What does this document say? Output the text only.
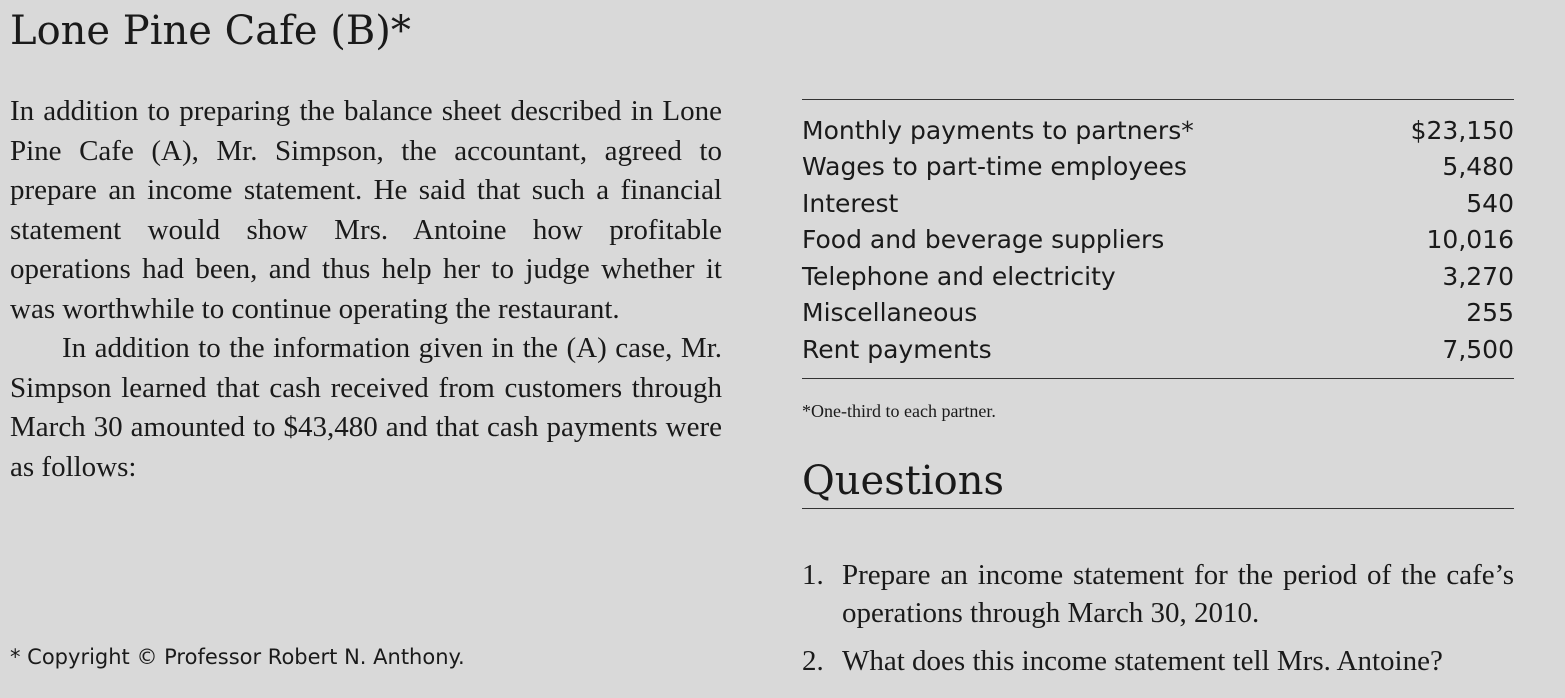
Lone Pine Cafe (B)*

In addition to preparing the balance sheet described in Lone Pine Cafe (A), Mr. Simpson, the accountant, agreed to prepare an income statement. He said that such a financial statement would show Mrs. Antoine how profitable operations had been, and thus help her to judge whether it was worthwhile to continue operating the restaurant.

In addition to the information given in the (A) case, Mr. Simpson learned that cash received from customers through March 30 amounted to $43,480 and that cash payments were as follows:

* Copyright © Professor Robert N. Anthony.
Monthly payments to partners*	$23,150
Wages to part-time employees	5,480
Interest	540
Food and beverage suppliers	10,016
Telephone and electricity	3,270
Miscellaneous	255
Rent payments	7,500
*One-third to each partner.
Questions
1. Prepare an income statement for the period of the cafe’s operations through March 30, 2010.
2. What does this income statement tell Mrs. Antoine?
